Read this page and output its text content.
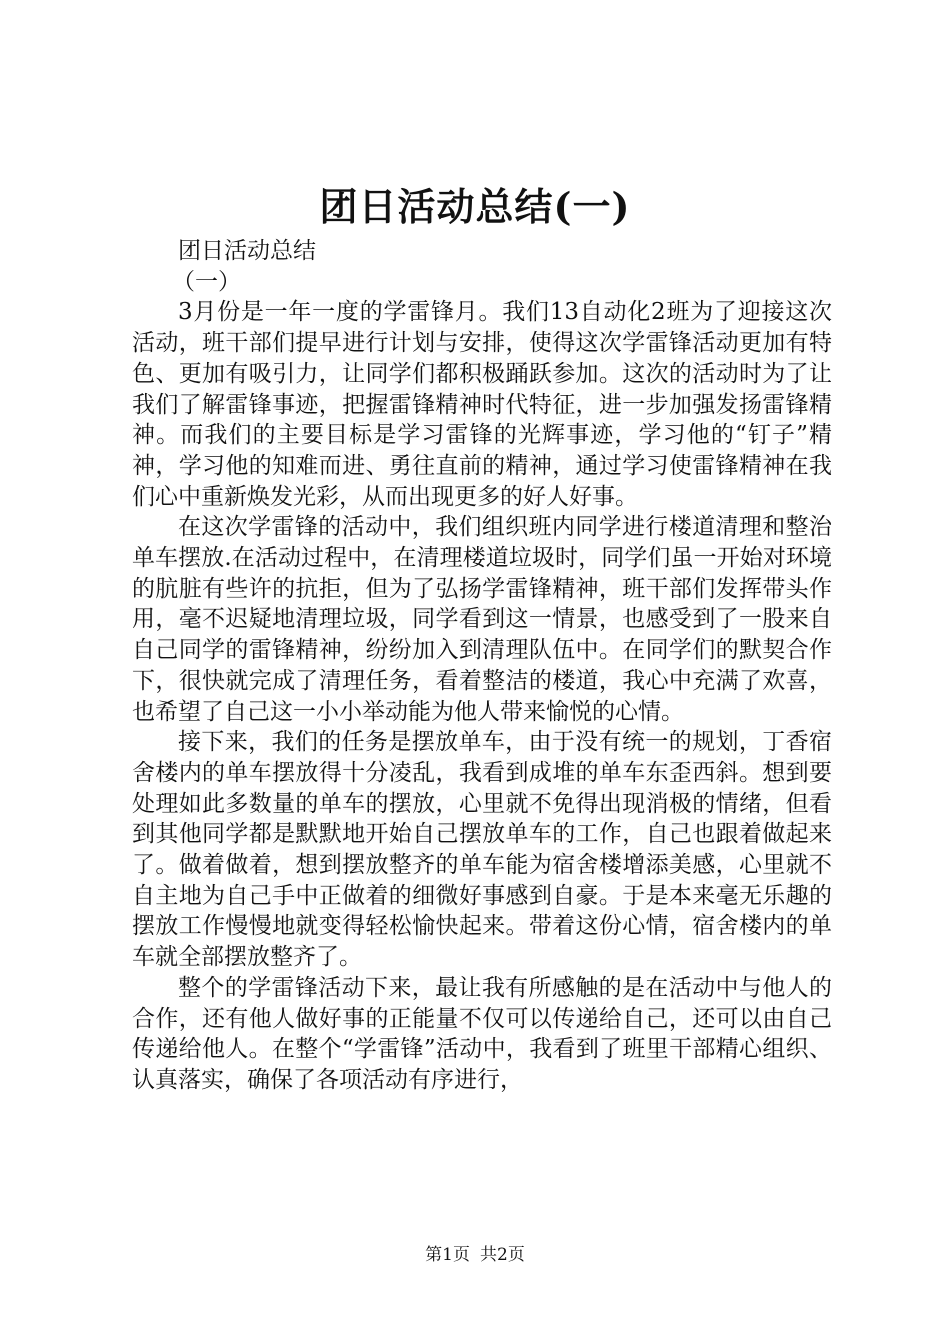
团日活动总结(一)

团日活动总结

（一）

3月份是一年一度的学雷锋月。我们13自动化2班为了迎接这次活动，班干部们提早进行计划与安排，使得这次学雷锋活动更加有特色、更加有吸引力，让同学们都积极踊跃参加。这次的活动时为了让我们了解雷锋事迹，把握雷锋精神时代特征，进一步加强发扬雷锋精神。而我们的主要目标是学习雷锋的光辉事迹，学习他的“钉子”精神，学习他的知难而进、勇往直前的精神，通过学习使雷锋精神在我们心中重新焕发光彩，从而出现更多的好人好事。

在这次学雷锋的活动中，我们组织班内同学进行楼道清理和整治单车摆放.在活动过程中，在清理楼道垃圾时，同学们虽一开始对环境的肮脏有些许的抗拒，但为了弘扬学雷锋精神，班干部们发挥带头作用，毫不迟疑地清理垃圾，同学看到这一情景，也感受到了一股来自自己同学的雷锋精神，纷纷加入到清理队伍中。在同学们的默契合作下，很快就完成了清理任务，看着整洁的楼道，我心中充满了欢喜，也希望了自己这一小小举动能为他人带来愉悦的心情。

接下来，我们的任务是摆放单车，由于没有统一的规划，丁香宿舍楼内的单车摆放得十分凌乱，我看到成堆的单车东歪西斜。想到要处理如此多数量的单车的摆放，心里就不免得出现消极的情绪，但看到其他同学都是默默地开始自己摆放单车的工作，自己也跟着做起来了。做着做着，想到摆放整齐的单车能为宿舍楼增添美感，心里就不自主地为自己手中正做着的细微好事感到自豪。于是本来毫无乐趣的摆放工作慢慢地就变得轻松愉快起来。带着这份心情，宿舍楼内的单车就全部摆放整齐了。

整个的学雷锋活动下来，最让我有所感触的是在活动中与他人的合作，还有他人做好事的正能量不仅可以传递给自己，还可以由自己传递给他人。在整个“学雷锋”活动中，我看到了班里干部精心组织、认真落实，确保了各项活动有序进行，

第1页 共2页
